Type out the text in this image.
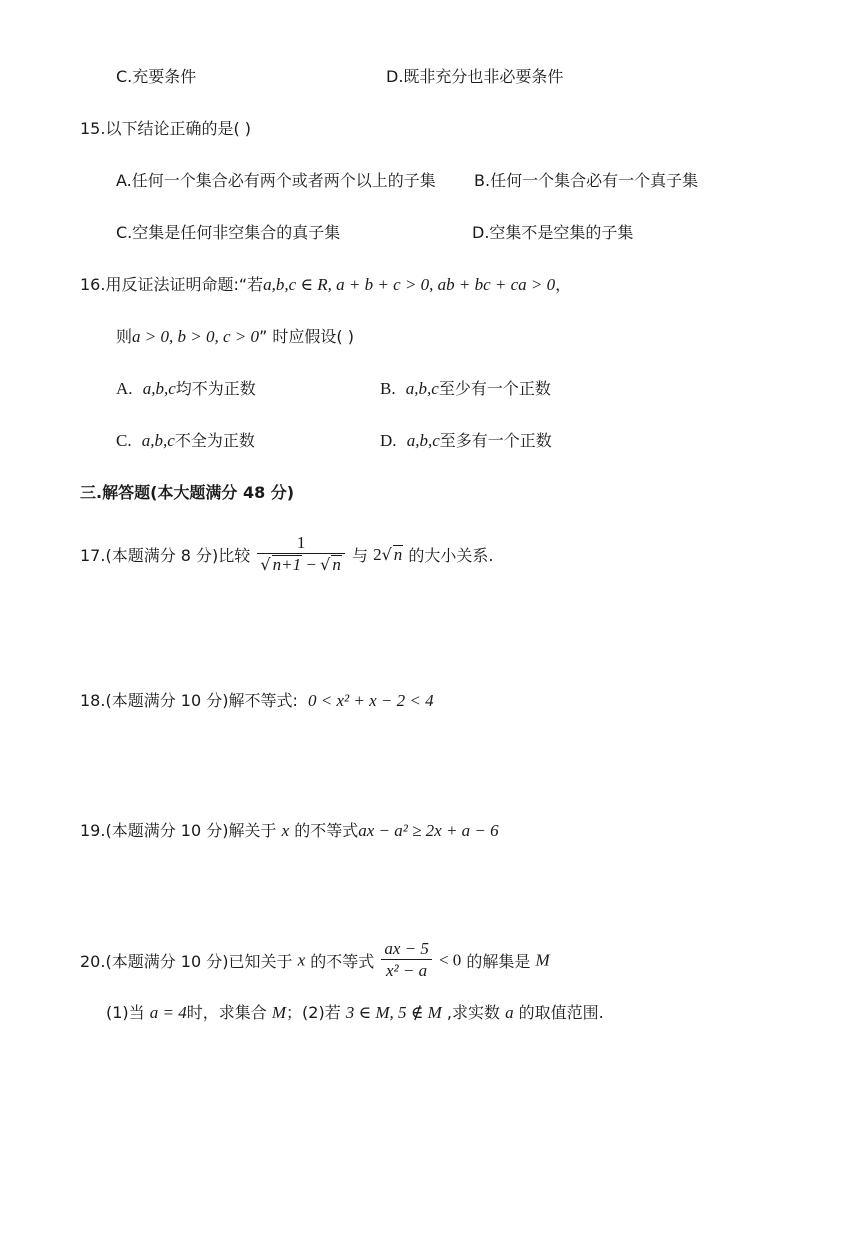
C.充要条件	D.既非充分也非必要条件
15.以下结论正确的是( )
A.任何一个集合必有两个或者两个以上的子集 B.任何一个集合必有一个真子集
C.空集是任何非空集合的真子集	D.空集不是空集的子集
16.用反证法证明命题:“若a,b,c ∈ R, a + b + c > 0, ab + bc + ca > 0，
则a > 0, b > 0, c > 0” 时应假设( )
A. a,b,c均不为正数	B. a,b,c至少有一个正数
C. a,b,c不全为正数	D. a,b,c至多有一个正数
三.解答题(本大题满分 48 分)
17.(本题满分 8 分)比较 $\frac{1}{√ n+1 - √ n}$ 与 2√ n 的大小关系.
18.(本题满分 10 分)解不等式: 0 < x² + x − 2 < 4
19.(本题满分 10 分)解关于 x 的不等式ax − a² ≥ 2x + a − 6
20.(本题满分 10 分)已知关于 x 的不等式 $\frac{ax - 5}{\text{x² − a}} < 0$ 的解集是 M
(1)当 a = 4时，求集合 M；(2)若 3 ∈ M, 5 ∉ M ,求实数 a 的取值范围.
